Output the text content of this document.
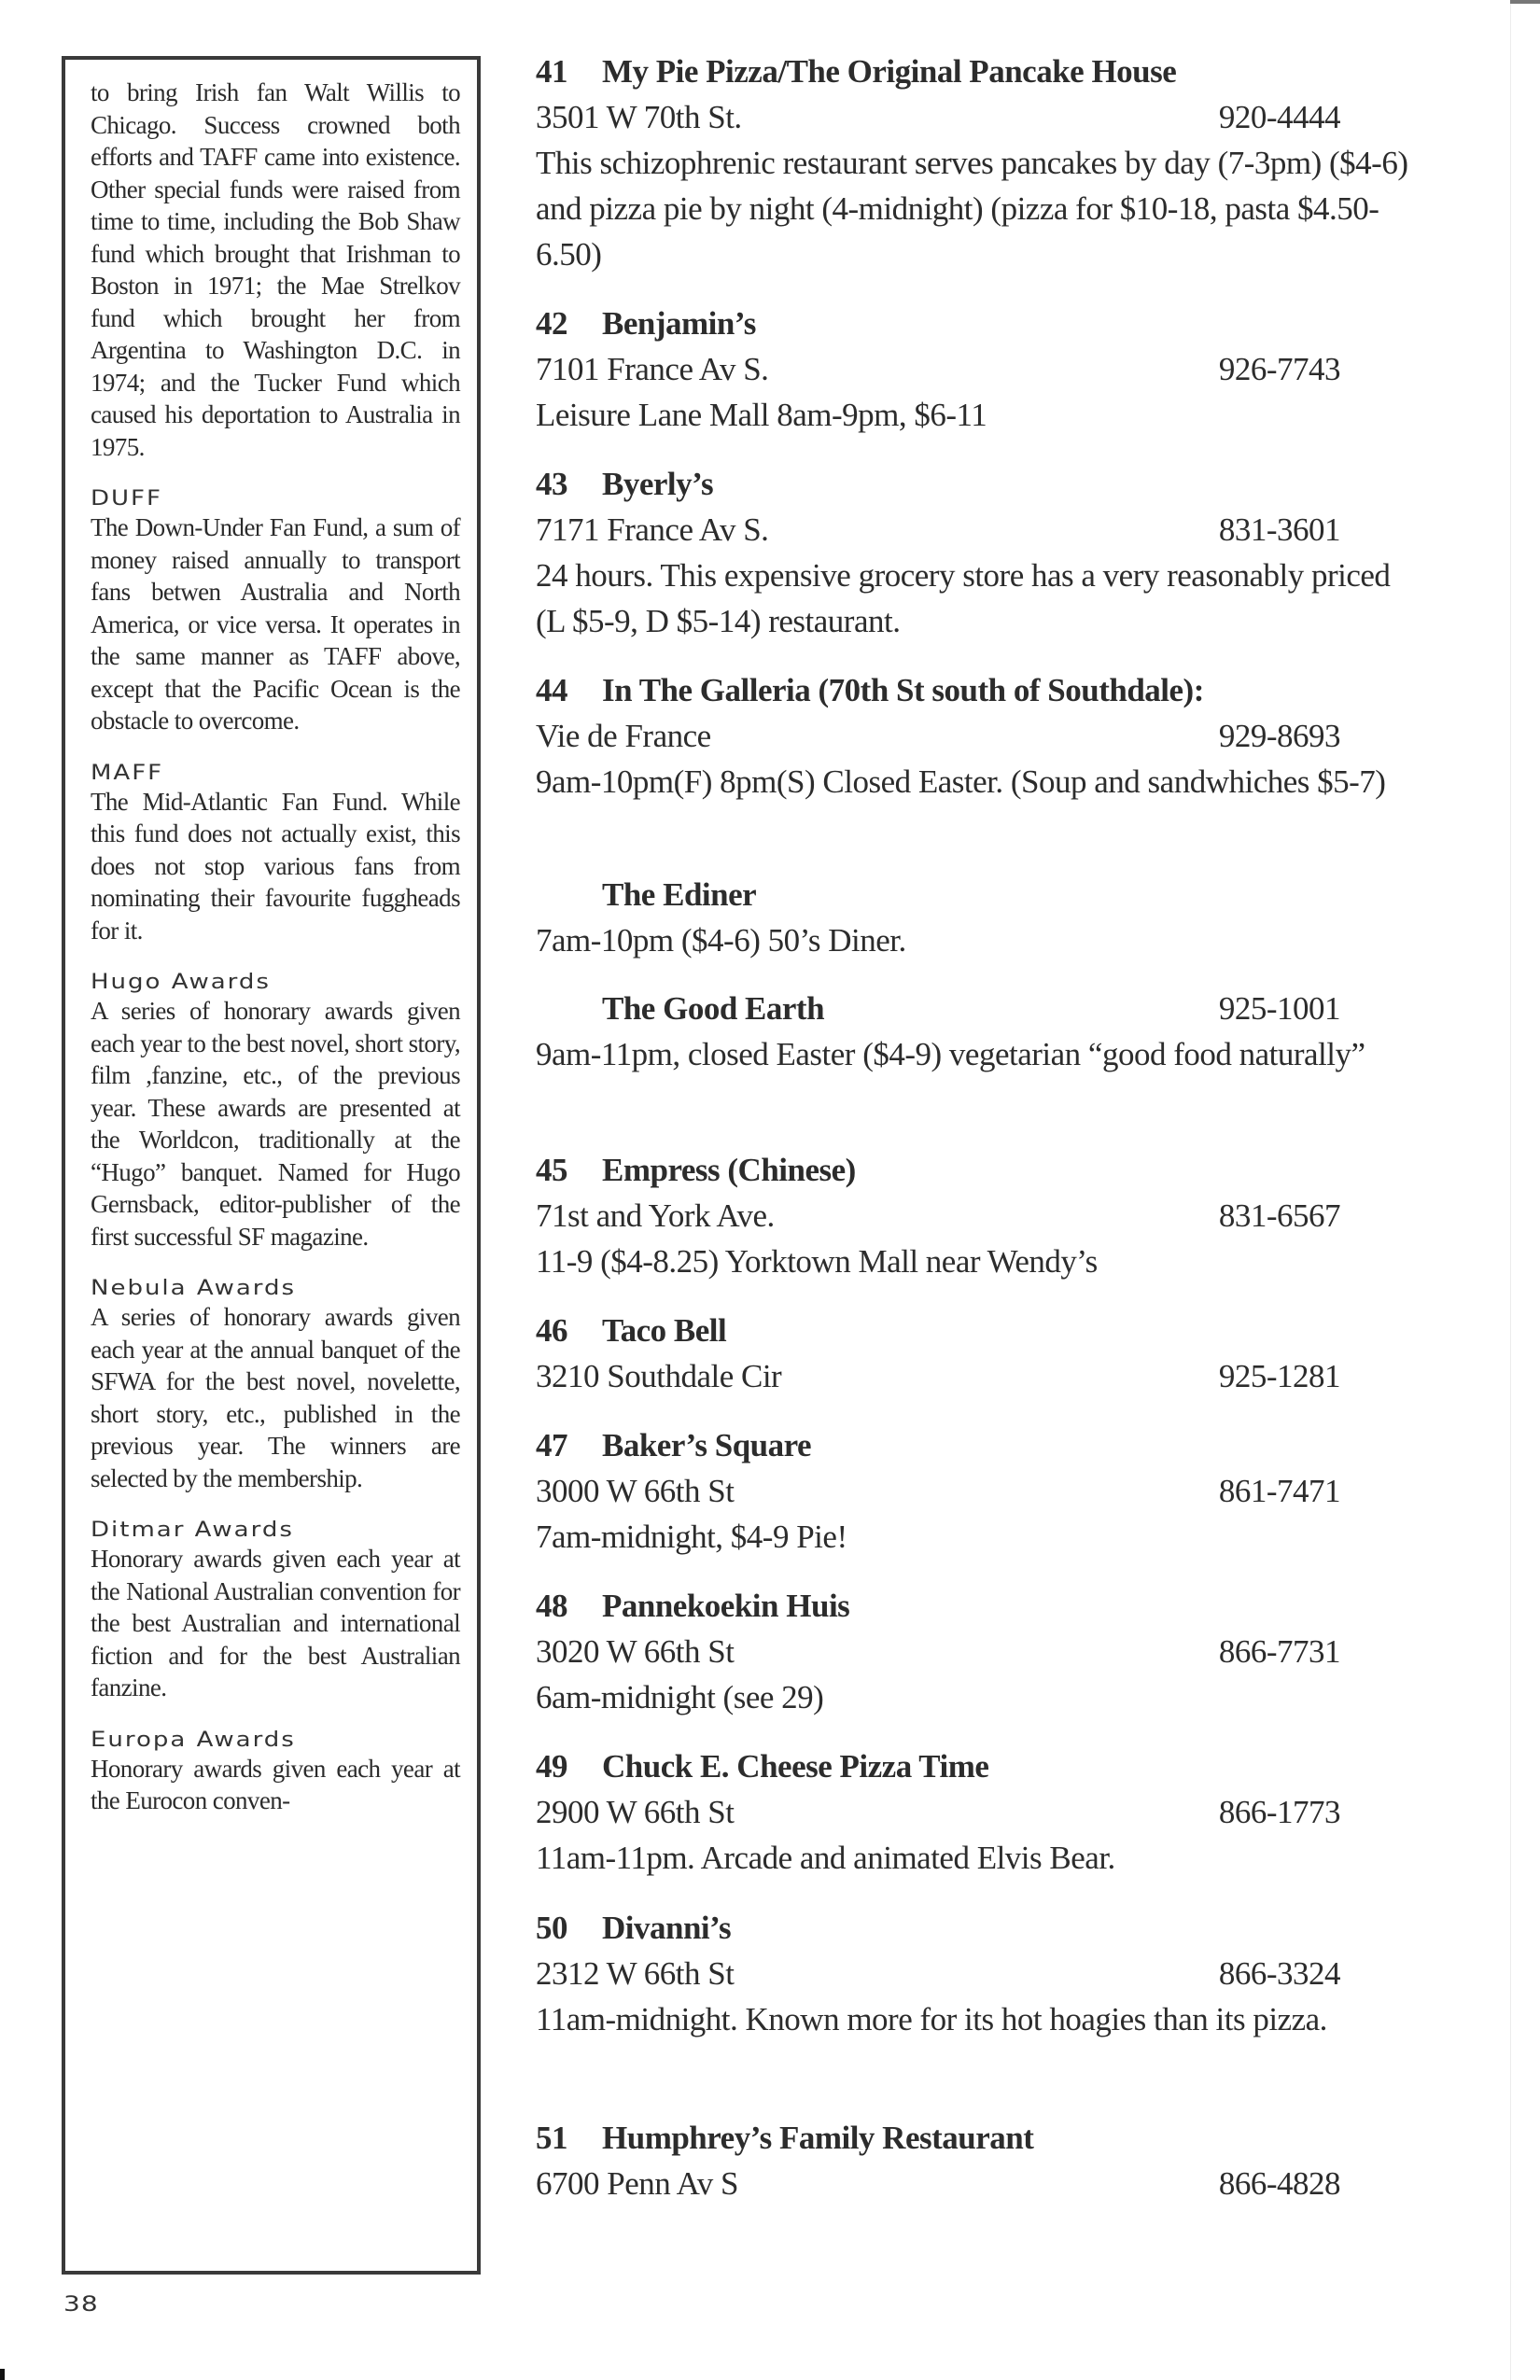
to bring Irish fan Walt Willis to Chicago. Success crowned both efforts and TAFF came into existence. Other special funds were raised from time to time, including the Bob Shaw fund which brought that Irishman to Boston in 1971; the Mae Strelkov fund which brought her from Argentina to Washington D.C. in 1974; and the Tucker Fund which caused his deportation to Australia in 1975.

DUFF

The Down-Under Fan Fund, a sum of money raised annually to transport fans betwen Australia and North America, or vice versa. It operates in the same manner as TAFF above, except that the Pacific Ocean is the obstacle to overcome.

MAFF

The Mid-Atlantic Fan Fund. While this fund does not actually exist, this does not stop various fans from nominating their favourite fuggheads for it.

Hugo Awards

A series of honorary awards given each year to the best novel, short story, film ,fanzine, etc., of the previous year. These awards are presented at the Worldcon, traditionally at the “Hugo” banquet. Named for Hugo Gernsback, editor-publisher of the first successful SF magazine.

Nebula Awards

A series of honorary awards given each year at the annual banquet of the SFWA for the best novel, novelette, short story, etc., published in the previous year. The winners are selected by the membership.

Ditmar Awards

Honorary awards given each year at the National Australian convention for the best Australian and international fiction and for the best Australian fanzine.

Europa Awards

Honorary awards given each year at the Eurocon conven-

38
41 My Pie Pizza/The Original Pancake House
3501 W 70th St.	920-4444
This schizophrenic restaurant serves pancakes by day (7-3pm) ($4-6) and pizza pie by night (4-midnight) (pizza for $10-18, pasta $4.50-6.50)
42 Benjamin’s
7101 France Av S.	926-7743
Leisure Lane Mall 8am-9pm, $6-11
43 Byerly’s
7171 France Av S.	831-3601
24 hours. This expensive grocery store has a very reasonably priced (L $5-9, D $5-14) restaurant.
44 In The Galleria (70th St south of Southdale):
Vie de France	929-8693
9am-10pm(F) 8pm(S) Closed Easter. (Soup and sandwhiches $5-7)
The Ediner
7am-10pm ($4-6) 50’s Diner.
The Good Earth	925-1001
9am-11pm, closed Easter ($4-9) vegetarian “good food naturally”
45 Empress (Chinese)
71st and York Ave.	831-6567
11-9 ($4-8.25) Yorktown Mall near Wendy’s
46 Taco Bell
3210 Southdale Cir	925-1281
47 Baker’s Square
3000 W 66th St	861-7471
7am-midnight, $4-9 Pie!
48 Pannekoekin Huis
3020 W 66th St	866-7731
6am-midnight (see 29)
49 Chuck E. Cheese Pizza Time
2900 W 66th St	866-1773
11am-11pm. Arcade and animated Elvis Bear.
50 Divanni’s
2312 W 66th St	866-3324
11am-midnight. Known more for its hot hoagies than its pizza.
51 Humphrey’s Family Restaurant
6700 Penn Av S	866-4828
